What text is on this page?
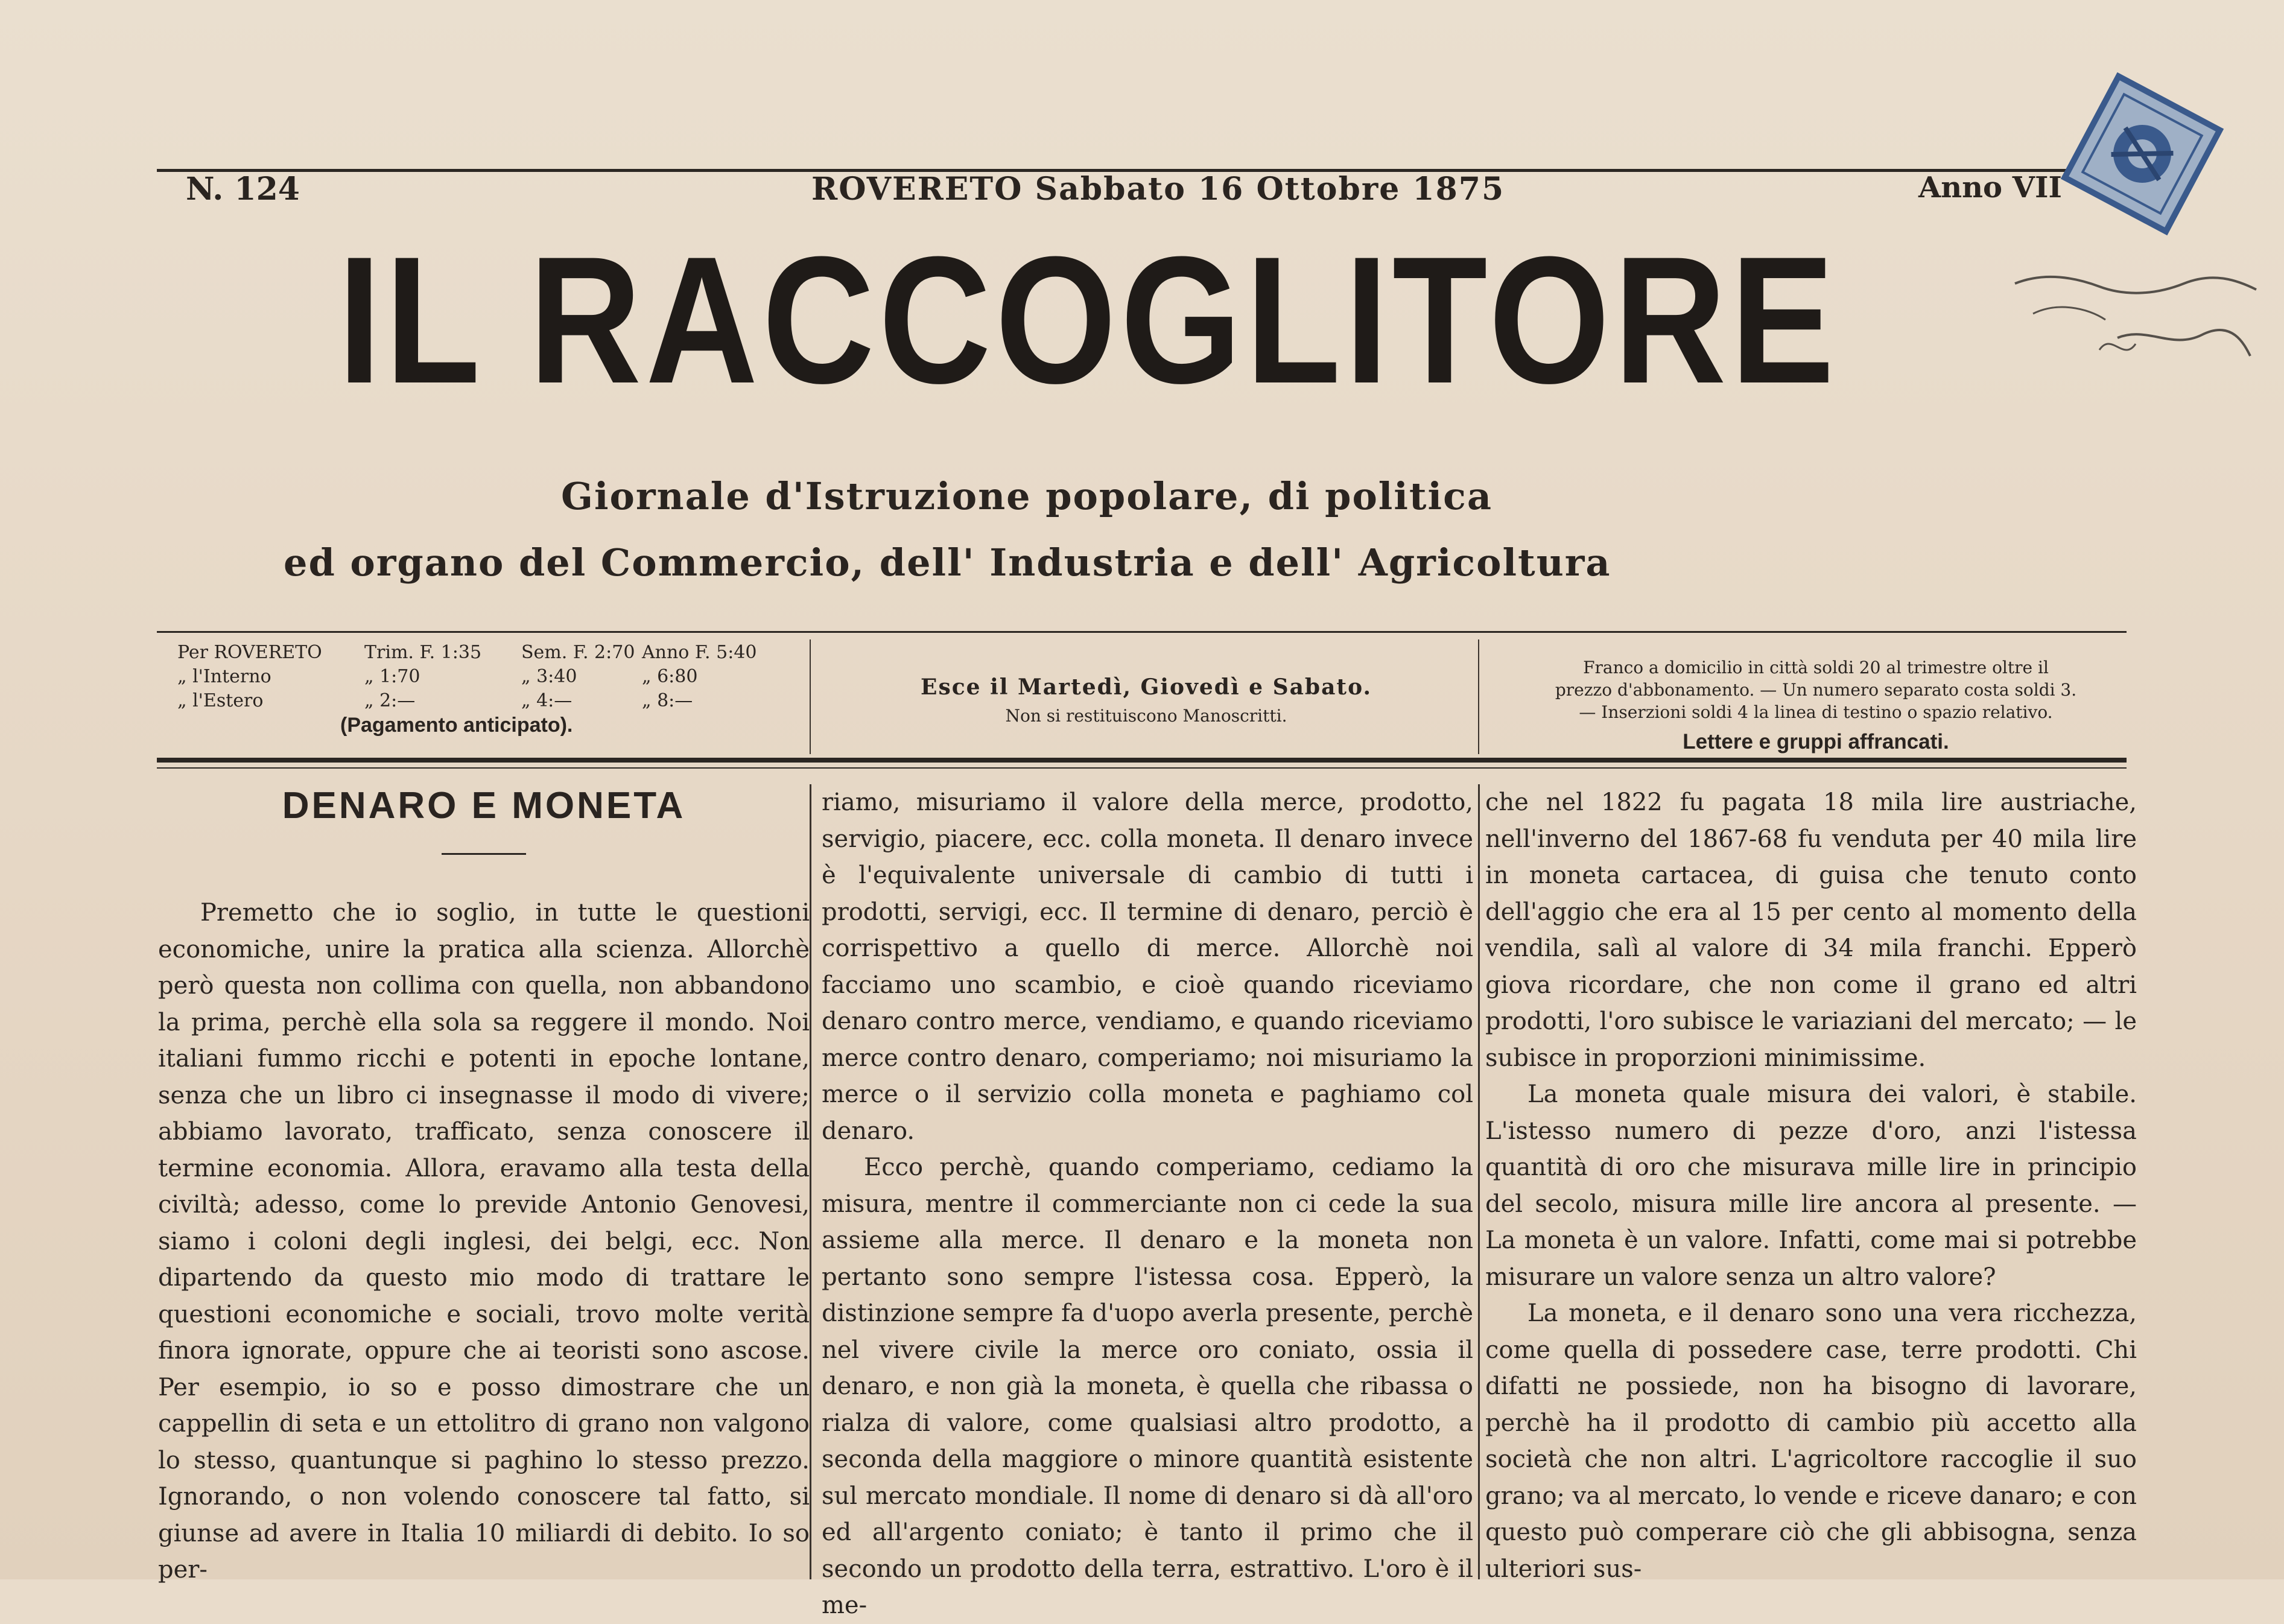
N. 124	ROVERETO Sabbato 16 Ottobre 1875	Anno VII
IL RACCOGLITORE
Giornale d'Istruzione popolare, di politica
ed organo del Commercio, dell' Industria e dell' Agricoltura
Per ROVERETO	Trim. F. 1:35	Sem. F. 2:70 Anno F. 5:40
„ l'Interno	„ 1:70	„ 3:40	„ 6:80
„ l'Estero	„ 2:—	„ 4:—	„ 8:—
(Pagamento anticipato).
Esce il Martedì, Giovedì e Sabato.
Non si restituiscono Manoscritti.
Franco a domicilio in città soldi 20 al trimestre oltre il
prezzo d'abbonamento. — Un numero separato costa soldi 3.
— Inserzioni soldi 4 la linea di testino o spazio relativo.
Lettere e gruppi affrancati.
DENARO E MONETA

Premetto che io soglio, in tutte le questioni economiche, unire la pratica alla scienza. Allorchè però questa non collima con quella, non abbandono la prima, perchè ella sola sa reggere il mondo. Noi italiani fummo ricchi e potenti in epoche lontane, senza che un libro ci insegnasse il modo di vivere; abbiamo lavorato, trafficato, senza conoscere il termine economia. Allora, eravamo alla testa della civiltà; adesso, come lo previde Antonio Genovesi, siamo i coloni degli inglesi, dei belgi, ecc. Non dipartendo da questo mio modo di trattare le questioni economiche e sociali, trovo molte verità finora ignorate, oppure che ai teoristi sono ascose. Per esempio, io so e posso dimostrare che un cappellin di seta e un ettolitro di grano non valgono lo stesso, quantunque si paghino lo stesso prezzo. Ignorando, o non volendo conoscere tal fatto, si giunse ad avere in Italia 10 miliardi di debito. Io so per-

riamo, misuriamo il valore della merce, prodotto, servigio, piacere, ecc. colla moneta. Il denaro invece è l'equivalente universale di cambio di tutti i prodotti, servigi, ecc. Il termine di denaro, perciò è corrispettivo a quello di merce. Allorchè noi facciamo uno scambio, e cioè quando riceviamo denaro contro merce, vendiamo, e quando riceviamo merce contro denaro, comperiamo; noi misuriamo la merce o il servizio colla moneta e paghiamo col denaro.

Ecco perchè, quando comperiamo, cediamo la misura, mentre il commerciante non ci cede la sua assieme alla merce. Il denaro e la moneta non pertanto sono sempre l'istessa cosa. Epperò, la distinzione sempre fa d'uopo averla presente, perchè nel vivere civile la merce oro coniato, ossia il denaro, e non già la moneta, è quella che ribassa o rialza di valore, come qualsiasi altro prodotto, a seconda della maggiore o minore quantità esistente sul mercato mondiale. Il nome di denaro si dà all'oro ed all'argento coniato; è tanto il primo che il secondo un prodotto della terra, estrattivo. L'oro è il me-

che nel 1822 fu pagata 18 mila lire austriache, nell'inverno del 1867-68 fu venduta per 40 mila lire in moneta cartacea, di guisa che tenuto conto dell'aggio che era al 15 per cento al momento della vendila, salì al valore di 34 mila franchi. Epperò giova ricordare, che non come il grano ed altri prodotti, l'oro subisce le variaziani del mercato; — le subisce in proporzioni minimissime.

La moneta quale misura dei valori, è stabile. L'istesso numero di pezze d'oro, anzi l'istessa quantità di oro che misurava mille lire in principio del secolo, misura mille lire ancora al presente. — La moneta è un valore. Infatti, come mai si potrebbe misurare un valore senza un altro valore?

La moneta, e il denaro sono una vera ricchezza, come quella di possedere case, terre prodotti. Chi difatti ne possiede, non ha bisogno di lavorare, perchè ha il prodotto di cambio più accetto alla società che non altri. L'agricoltore raccoglie il suo grano; va al mercato, lo vende e riceve danaro; e con questo può comperare ciò che gli abbisogna, senza ulteriori sus-
